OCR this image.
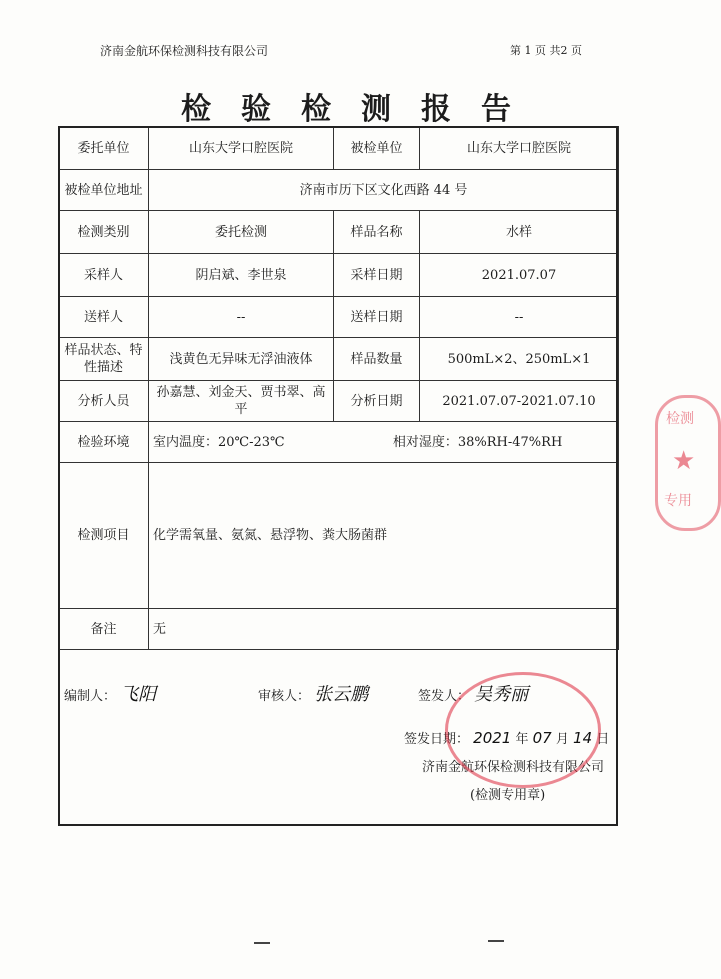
济南金航环保检测科技有限公司	第 1 页 共2 页
检验检测报告
委托单位	山东大学口腔医院	被检单位	山东大学口腔医院
被检单位地址	济南市历下区文化西路 44 号		
检测类别	委托检测	样品名称	水样
采样人	阴启斌、李世泉	采样日期	2021.07.07
送样人	--	送样日期	--
样品状态、特性描述	浅黄色无异味无浮油液体	样品数量	500mL×2、250mL×1
分析人员	孙嘉慧、刘金天、贾书翠、高平	分析日期	2021.07.07-2021.07.10
检验环境	室内温度：20℃-23℃ 相对湿度：38%RH-47%RH		
检测项目	化学需氧量、氨氮、悬浮物、粪大肠菌群		
备注	无		
编制人： 飞阳	审核人： 张云鹏	签发人： 吴秀丽
签发日期： 2021 年 07 月 14 日
济南金航环保检测科技有限公司
(检测专用章)
检测
★
专用
